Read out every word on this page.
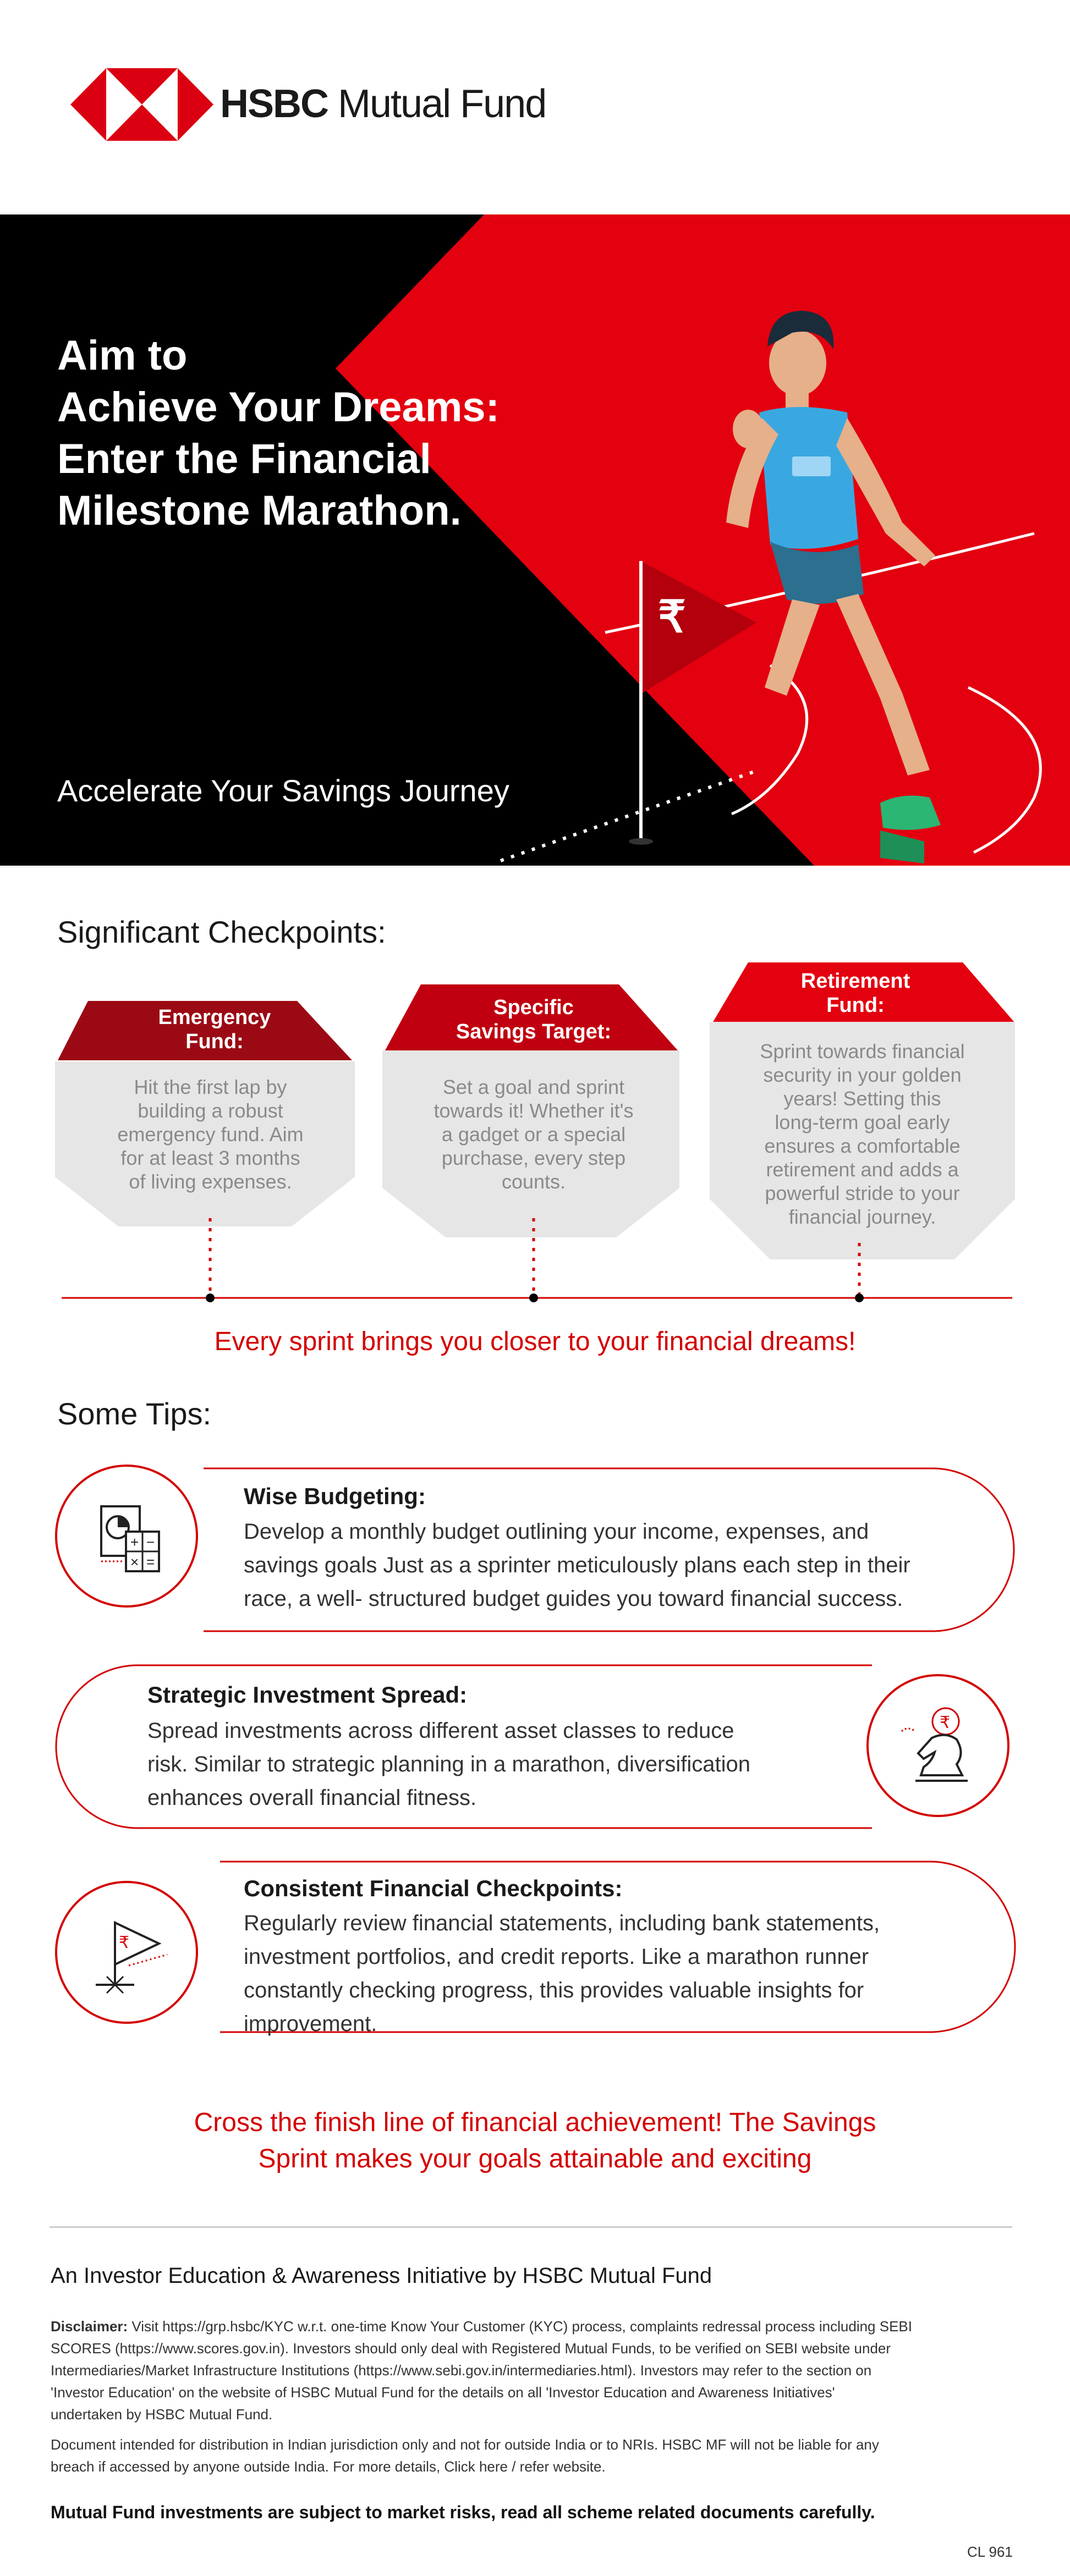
HSBC Mutual Fund
₹
Aim to
Achieve Your Dreams:
Enter the Financial
Milestone Marathon.
Accelerate Your Savings Journey
Significant Checkpoints:
Emergency
Fund:
Hit the first lap by
building a robust
emergency fund. Aim
for at least 3 months
of living expenses.
Specific
Savings Target:
Set a goal and sprint
towards it! Whether it's
a gadget or a special
purchase, every step
counts.
Retirement
Fund:
Sprint towards financial
security in your golden
years! Setting this
long-term goal early
ensures a comfortable
retirement and adds a
powerful stride to your
financial journey.
Every sprint brings you closer to your financial dreams!
Some Tips:
+ −
× =
₹
₹
Wise Budgeting:
Develop a monthly budget outlining your income, expenses, and
savings goals Just as a sprinter meticulously plans each step in their
race, a well- structured budget guides you toward financial success.
Strategic Investment Spread:
Spread investments across different asset classes to reduce
risk. Similar to strategic planning in a marathon, diversification
enhances overall financial fitness.
Consistent Financial Checkpoints:
Regularly review financial statements, including bank statements,
investment portfolios, and credit reports. Like a marathon runner
constantly checking progress, this provides valuable insights for
improvement.
Cross the finish line of financial achievement! The Savings
Sprint makes your goals attainable and exciting
An Investor Education & Awareness Initiative by HSBC Mutual Fund
Disclaimer: Visit https://grp.hsbc/KYC w.r.t. one-time Know Your Customer (KYC) process, complaints redressal process including SEBI
SCORES (https://www.scores.gov.in). Investors should only deal with Registered Mutual Funds, to be verified on SEBI website under
Intermediaries/Market Infrastructure Institutions (https://www.sebi.gov.in/intermediaries.html). Investors may refer to the section on
'Investor Education' on the website of HSBC Mutual Fund for the details on all 'Investor Education and Awareness Initiatives'
undertaken by HSBC Mutual Fund.
Document intended for distribution in Indian jurisdiction only and not for outside India or to NRIs. HSBC MF will not be liable for any
breach if accessed by anyone outside India. For more details, Click here / refer website.
Mutual Fund investments are subject to market risks, read all scheme related documents carefully.
CL 961
